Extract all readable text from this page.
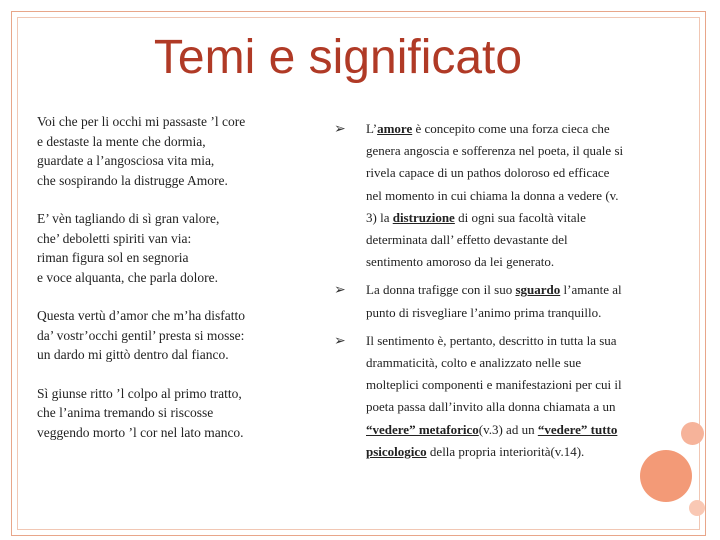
Temi e significato
Voi che per li occhi mi passaste ’l core
e destaste la mente che dormia,
guardate a l’angosciosa vita mia,
che sospirando la distrugge Amore.
E’ vèn tagliando di sì gran valore,
che’ deboletti spiriti van via:
riman figura sol en segnoria
e voce alquanta, che parla dolore.
Questa vertù d’amor che m’ha disfatto
da’ vostr’occhi gentil’ presta si mosse:
un dardo mi gittò dentro dal fianco.
Sì giunse ritto ’l colpo al primo tratto,
che l’anima tremando si riscosse
veggendo morto ’l cor nel lato manco.
➢ L’amore è concepito come una forza cieca che genera angoscia e sofferenza nel poeta, il quale si rivela capace di un pathos doloroso ed efficace nel momento in cui chiama la donna a vedere (v. 3) la distruzione di ogni sua facoltà vitale determinata dall’ effetto devastante del sentimento amoroso da lei generato.
➢ La donna trafigge con il suo sguardo l’amante al punto di risvegliare l’animo prima tranquillo.
➢ Il sentimento è, pertanto, descritto in tutta la sua drammaticità, colto e analizzato nelle sue molteplici componenti e manifestazioni per cui il poeta passa dall’invito alla donna chiamata a un “vedere” metaforico(v.3) ad un “vedere” tutto psicologico della propria interiorità(v.14).
